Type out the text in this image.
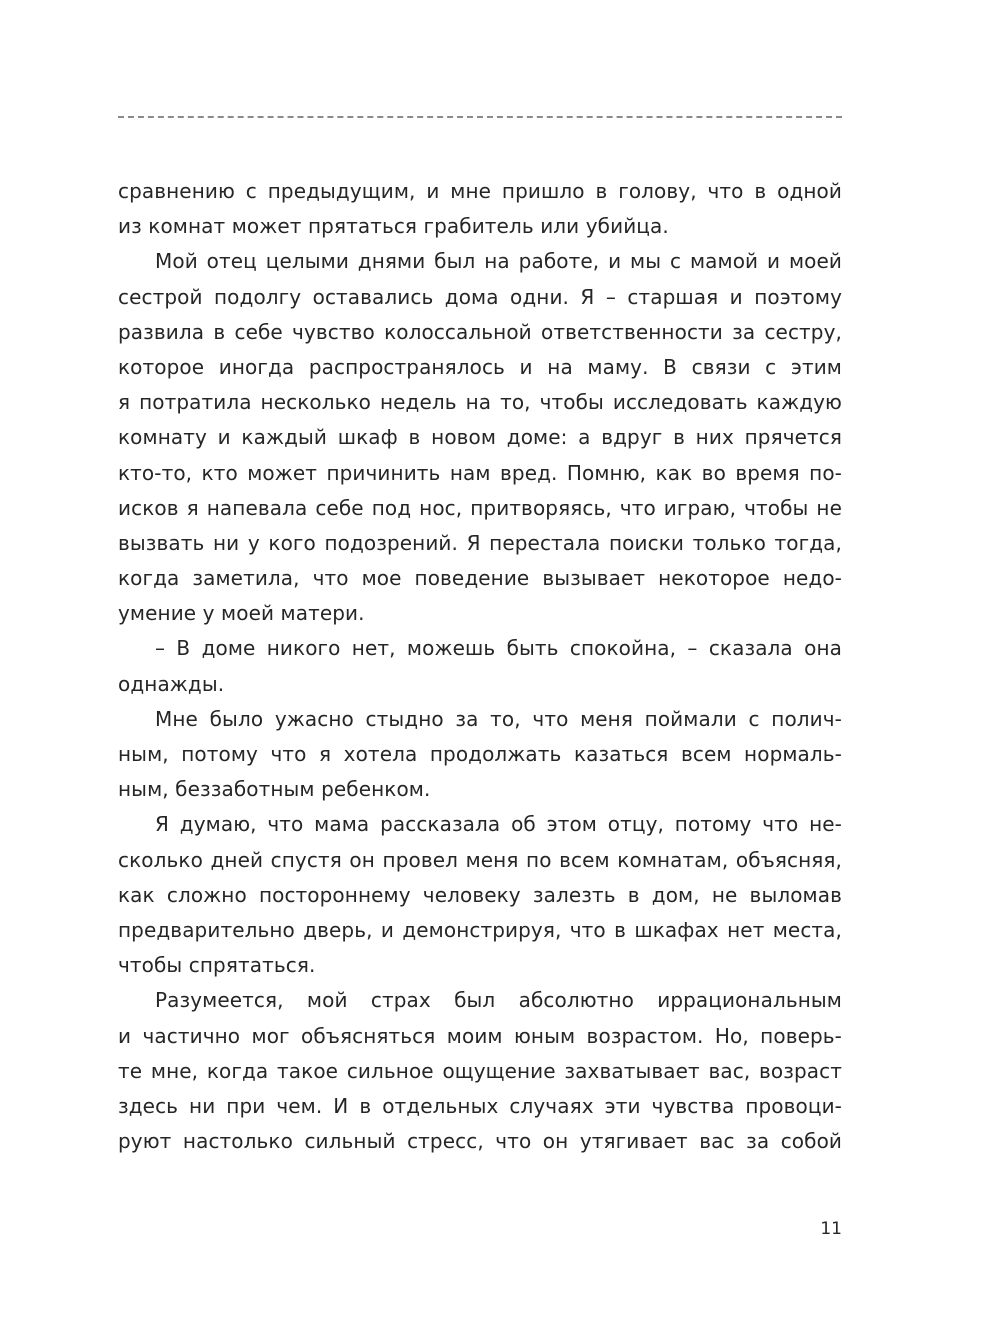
сравнению с предыдущим, и мне пришло в голову, что в одной
из комнат может прятаться грабитель или убийца.
Мой отец целыми днями был на работе, и мы с мамой и моей
сестрой подолгу оставались дома одни. Я – старшая и поэтому
развила в себе чувство колоссальной ответственности за сестру,
которое иногда распространялось и на маму. В связи с этим
я потратила несколько недель на то, чтобы исследовать каждую
комнату и каждый шкаф в новом доме: а вдруг в них прячется
кто-то, кто может причинить нам вред. Помню, как во время по-
исков я напевала себе под нос, притворяясь, что играю, чтобы не
вызвать ни у кого подозрений. Я перестала поиски только тогда,
когда заметила, что мое поведение вызывает некоторое недо-
умение у моей матери.
– В доме никого нет, можешь быть спокойна, – сказала она
однажды.
Мне было ужасно стыдно за то, что меня поймали с полич-
ным, потому что я хотела продолжать казаться всем нормаль-
ным, беззаботным ребенком.
Я думаю, что мама рассказала об этом отцу, потому что не-
сколько дней спустя он провел меня по всем комнатам, объясняя,
как сложно постороннему человеку залезть в дом, не выломав
предварительно дверь, и демонстрируя, что в шкафах нет места,
чтобы спрятаться.
Разумеется, мой страх был абсолютно иррациональным
и частично мог объясняться моим юным возрастом. Но, поверь-
те мне, когда такое сильное ощущение захватывает вас, возраст
здесь ни при чем. И в отдельных случаях эти чувства провоци-
руют настолько сильный стресс, что он утягивает вас за собой
11
